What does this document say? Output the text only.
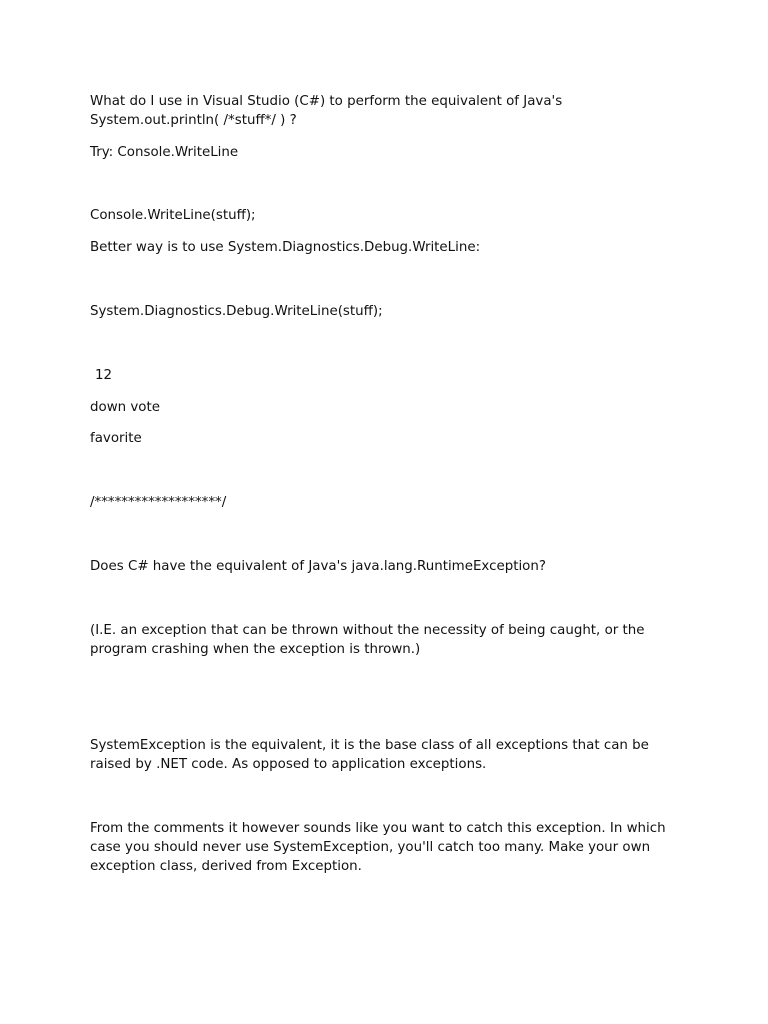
What do I use in Visual Studio (C#) to perform the equivalent of Java's System.out.println( /*stuff*/ ) ?

Try: Console.WriteLine

Console.WriteLine(stuff);

Better way is to use System.Diagnostics.Debug.WriteLine:

System.Diagnostics.Debug.WriteLine(stuff);

12

down vote

favorite

/*******************/

Does C# have the equivalent of Java's java.lang.RuntimeException?

(I.E. an exception that can be thrown without the necessity of being caught, or the program crashing when the exception is thrown.)

SystemException is the equivalent, it is the base class of all exceptions that can be raised by .NET code. As opposed to application exceptions.

From the comments it however sounds like you want to catch this exception. In which case you should never use SystemException, you'll catch too many. Make your own exception class, derived from Exception.
